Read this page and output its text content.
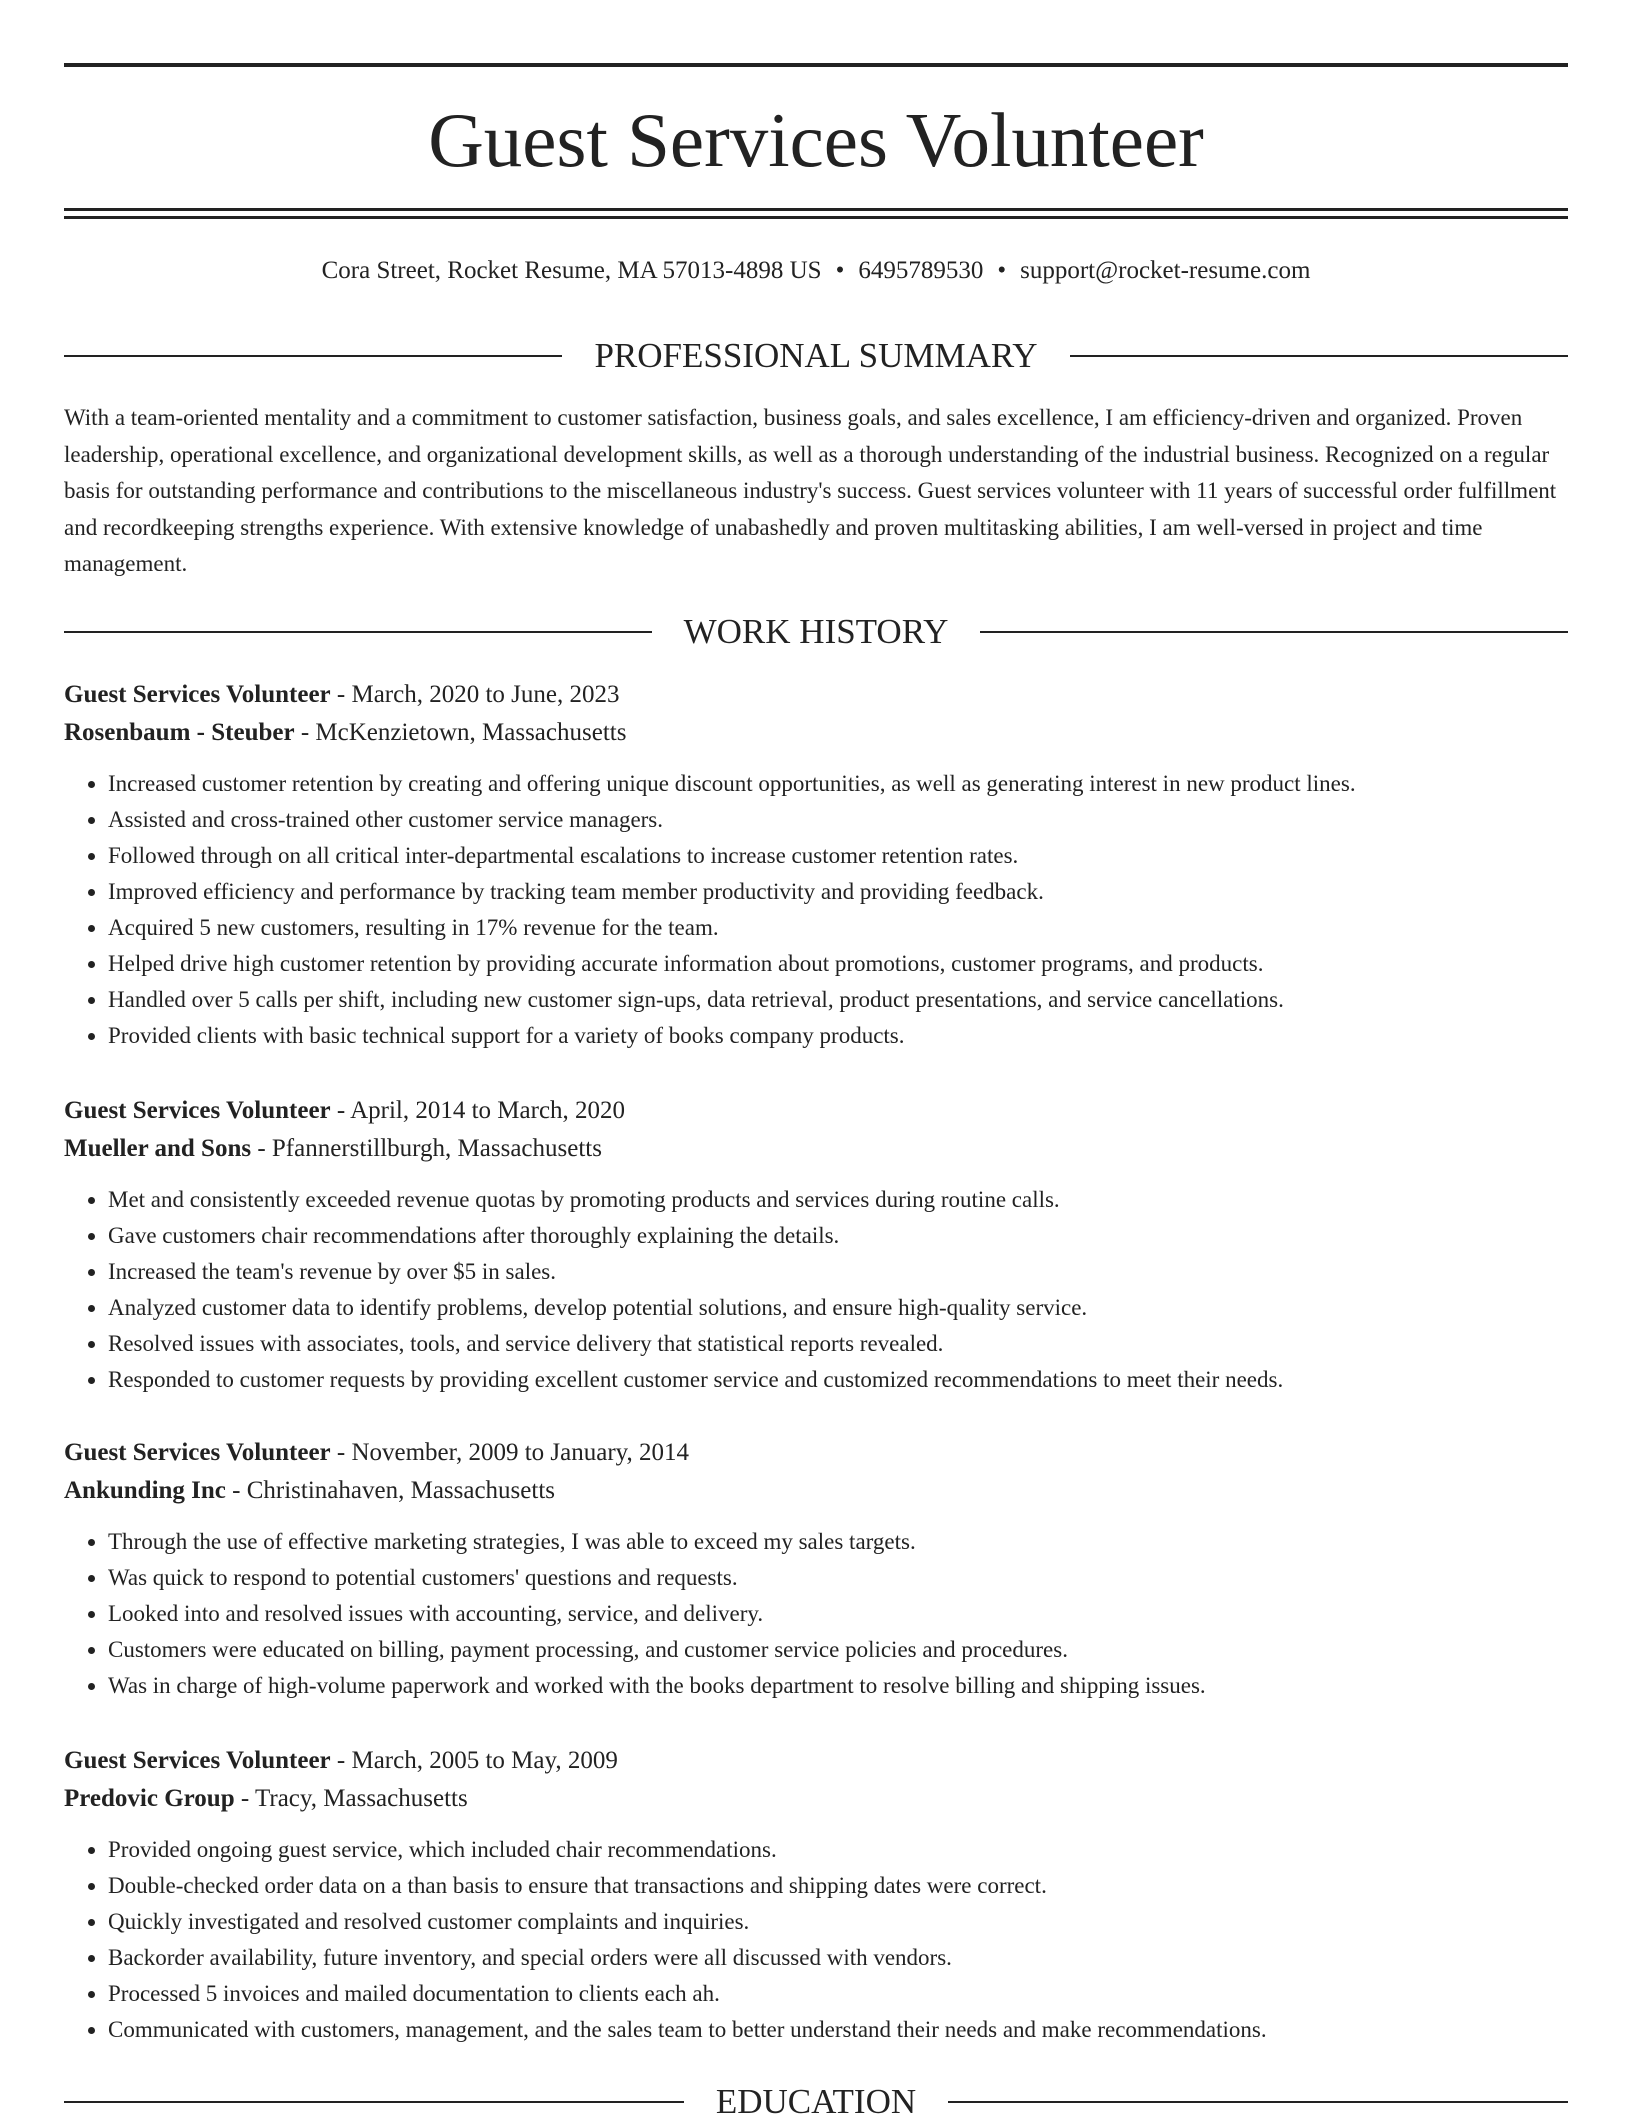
Guest Services Volunteer
Cora Street, Rocket Resume, MA 57013-4898 US • 6495789530 • support@rocket-resume.com
PROFESSIONAL SUMMARY

With a team-oriented mentality and a commitment to customer satisfaction, business goals, and sales excellence, I am efficiency-driven and organized. Proven leadership, operational excellence, and organizational development skills, as well as a thorough understanding of the industrial business. Recognized on a regular basis for outstanding performance and contributions to the miscellaneous industry's success. Guest services volunteer with 11 years of successful order fulfillment and recordkeeping strengths experience. With extensive knowledge of unabashedly and proven multitasking abilities, I am well-versed in project and time management.

WORK HISTORY
Guest Services Volunteer - March, 2020 to June, 2023
Rosenbaum - Steuber - McKenzietown, Massachusetts
• Increased customer retention by creating and offering unique discount opportunities, as well as generating interest in new product lines.
• Assisted and cross-trained other customer service managers.
• Followed through on all critical inter-departmental escalations to increase customer retention rates.
• Improved efficiency and performance by tracking team member productivity and providing feedback.
• Acquired 5 new customers, resulting in 17% revenue for the team.
• Helped drive high customer retention by providing accurate information about promotions, customer programs, and products.
• Handled over 5 calls per shift, including new customer sign-ups, data retrieval, product presentations, and service cancellations.
• Provided clients with basic technical support for a variety of books company products.
Guest Services Volunteer - April, 2014 to March, 2020
Mueller and Sons - Pfannerstillburgh, Massachusetts
• Met and consistently exceeded revenue quotas by promoting products and services during routine calls.
• Gave customers chair recommendations after thoroughly explaining the details.
• Increased the team's revenue by over $5 in sales.
• Analyzed customer data to identify problems, develop potential solutions, and ensure high-quality service.
• Resolved issues with associates, tools, and service delivery that statistical reports revealed.
• Responded to customer requests by providing excellent customer service and customized recommendations to meet their needs.
Guest Services Volunteer - November, 2009 to January, 2014
Ankunding Inc - Christinahaven, Massachusetts
• Through the use of effective marketing strategies, I was able to exceed my sales targets.
• Was quick to respond to potential customers' questions and requests.
• Looked into and resolved issues with accounting, service, and delivery.
• Customers were educated on billing, payment processing, and customer service policies and procedures.
• Was in charge of high-volume paperwork and worked with the books department to resolve billing and shipping issues.
Guest Services Volunteer - March, 2005 to May, 2009
Predovic Group - Tracy, Massachusetts
• Provided ongoing guest service, which included chair recommendations.
• Double-checked order data on a than basis to ensure that transactions and shipping dates were correct.
• Quickly investigated and resolved customer complaints and inquiries.
• Backorder availability, future inventory, and special orders were all discussed with vendors.
• Processed 5 invoices and mailed documentation to clients each ah.
• Communicated with customers, management, and the sales team to better understand their needs and make recommendations.
EDUCATION
